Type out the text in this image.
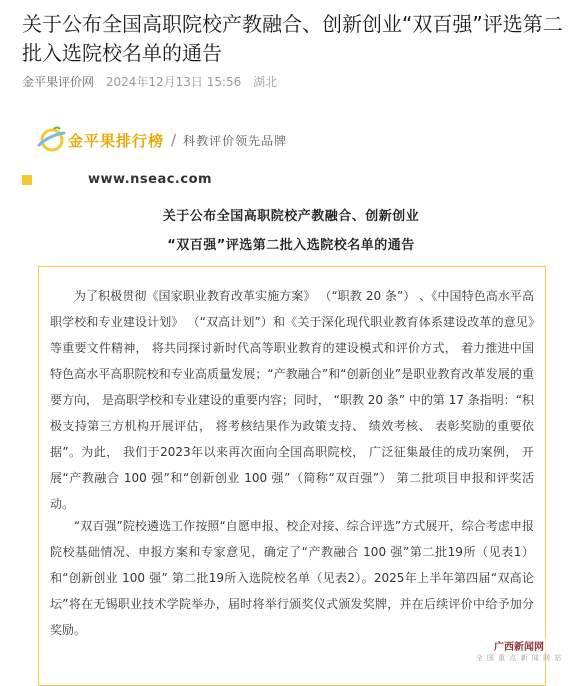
关于公布全国高职院校产教融合、创新创业“双百强”评选第二批入选院校名单的通告
金平果评价网 2024年12月13日 15:56 湖北
金平果排行榜 / 科教评价领先品牌
www.nseac.com
关于公布全国高职院校产教融合、创新创业
“双百强”评选第二批入选院校名单的通告

为了积极贯彻《国家职业教育改革实施方案》 （“职教 20 条”） 、《中国特色高水平高职学校和专业建设计划》 （“双高计划”）和《关于深化现代职业教育体系建设改革的意见》等重要文件精神， 将共同探讨新时代高等职业教育的建设模式和评价方式， 着力推进中国特色高水平高职院校和专业高质量发展；“产教融合”和“创新创业”是职业教育改革发展的重要方向， 是高职学校和专业建设的重要内容；同时， “职教 20 条” 中的第 17 条指明：“积极支持第三方机构开展评估， 将考核结果作为政策支持、 绩效考核、 表彰奖励的重要依据”。为此， 我们于2023年以来再次面向全国高职院校， 广泛征集最佳的成功案例， 开展“产教融合 100 强”和“创新创业 100 强”（简称“双百强”） 第二批项目申报和评奖活动。

“双百强”院校遴选工作按照“自愿申报、校企对接、综合评选”方式展开，综合考虑申报院校基础情况、申报方案和专家意见，确定了“产教融合 100 强”第二批19所（见表1）和“创新创业 100 强” 第二批19所入选院校名单（见表2）。2025年上半年第四届“双高论坛”将在无锡职业技术学院举办，届时将举行颁奖仪式颁发奖牌，并在后续评价中给予加分奖励。

广西新闻网
全 国 重 点 新 闻 网 站
